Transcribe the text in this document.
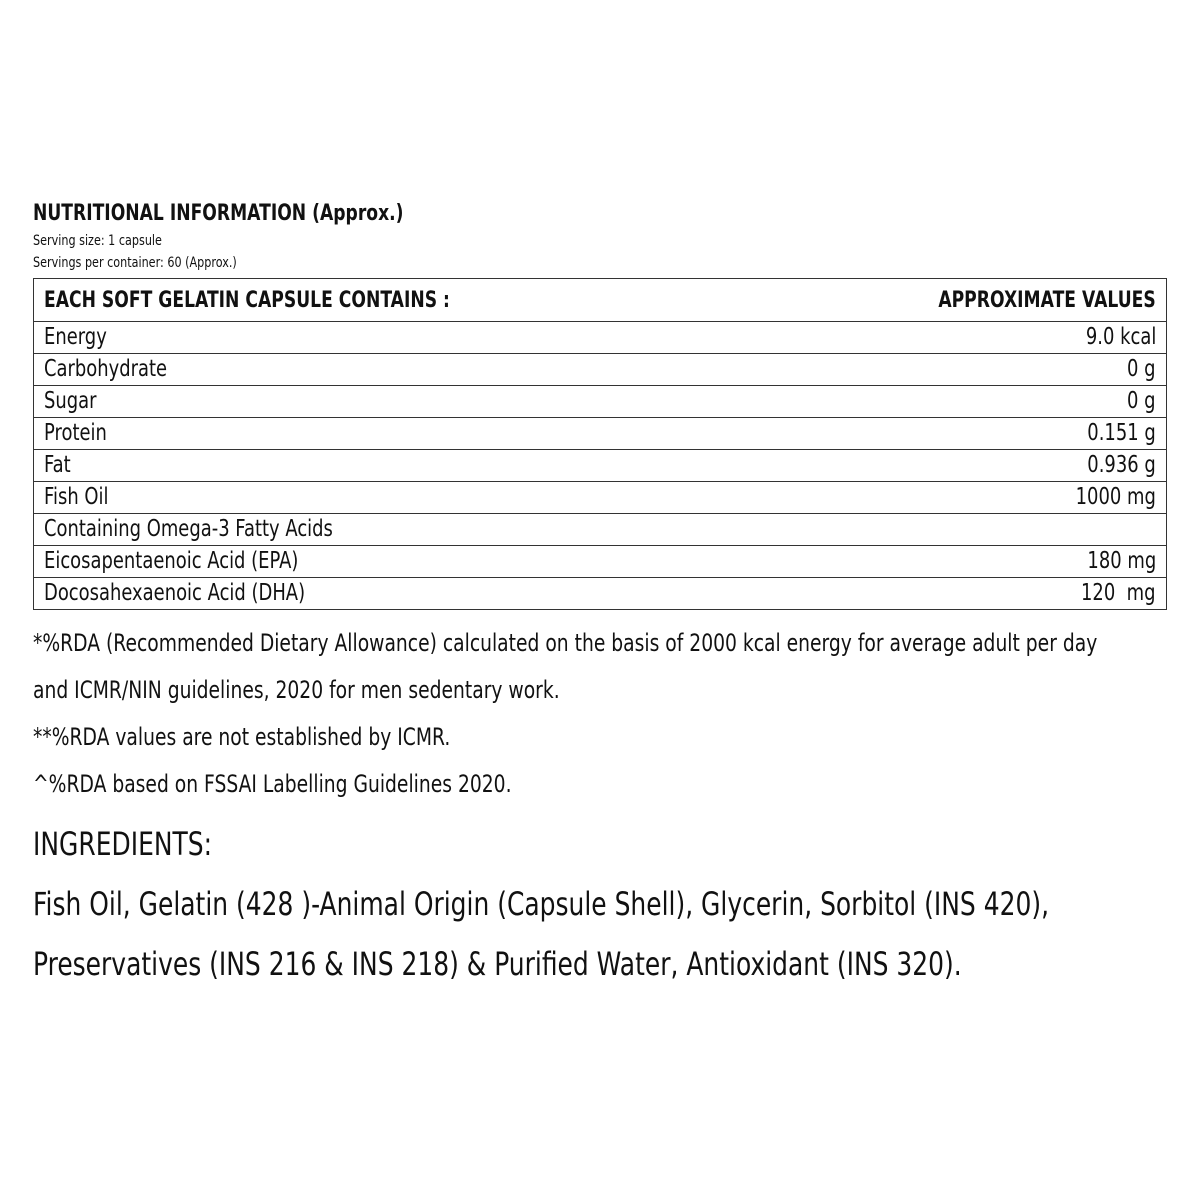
NUTRITIONAL INFORMATION (Approx.)
Serving size: 1 capsule
Servings per container: 60 (Approx.)
EACH SOFT GELATIN CAPSULE CONTAINS :	APPROXIMATE VALUES
Energy	9.0 kcal
Carbohydrate	0 g
Sugar	0 g
Protein	0.151 g
Fat	0.936 g
Fish Oil	1000 mg
Containing Omega-3 Fatty Acids	
Eicosapentaenoic Acid (EPA)	180 mg
Docosahexaenoic Acid (DHA)	120  mg
*%RDA (Recommended Dietary Allowance) calculated on the basis of 2000 kcal energy for average adult per day
and ICMR/NIN guidelines, 2020 for men sedentary work.
**%RDA values are not established by ICMR.
^%RDA based on FSSAI Labelling Guidelines 2020.
INGREDIENTS:
Fish Oil, Gelatin (428 )-Animal Origin (Capsule Shell), Glycerin, Sorbitol (INS 420),
Preservatives (INS 216 & INS 218) & Purified Water, Antioxidant (INS 320).
